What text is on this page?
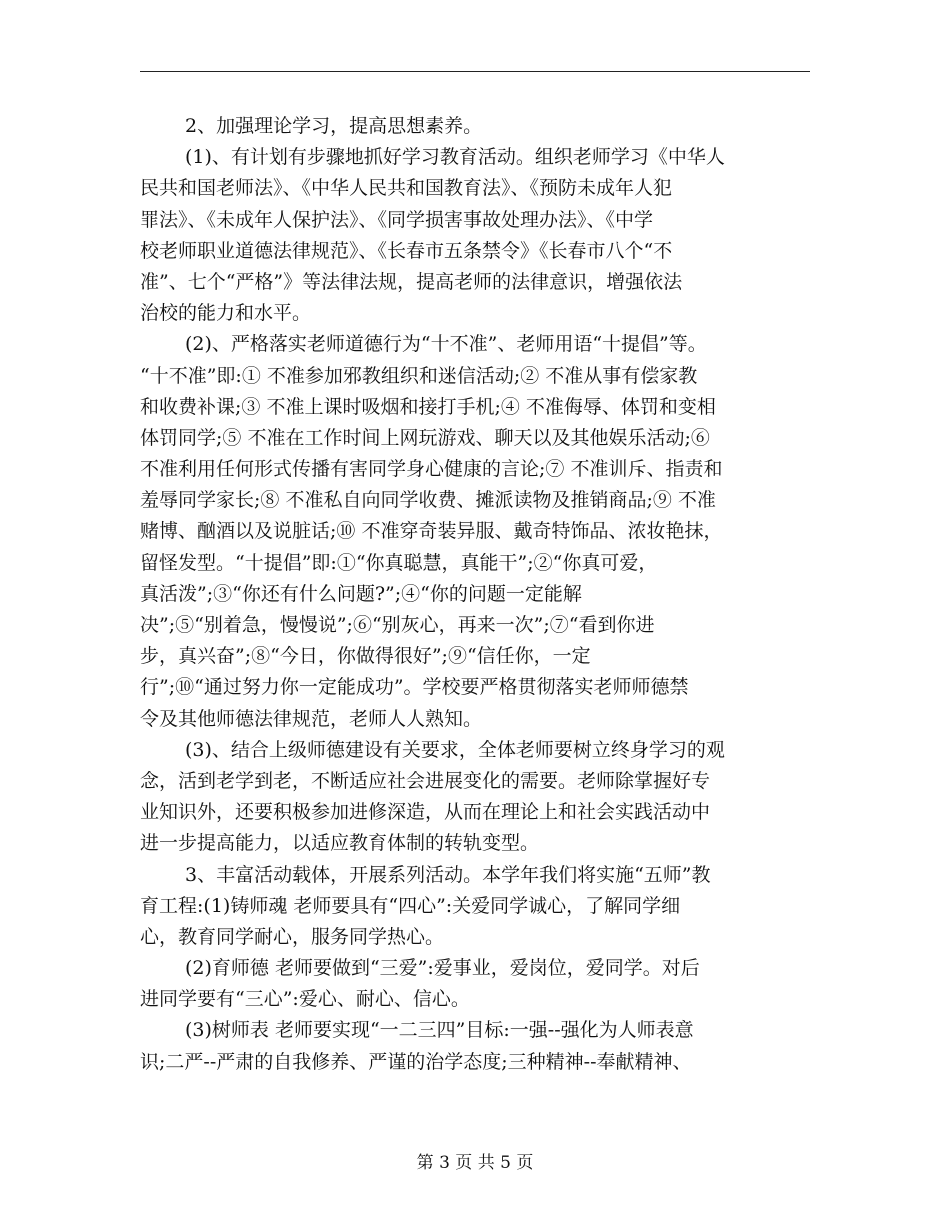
2、加强理论学习，提高思想素养。
(1)、有计划有步骤地抓好学习教育活动。组织老师学习《中华人
民共和国老师法》、《中华人民共和国教育法》、《预防未成年人犯
罪法》、《未成年人保护法》、《同学损害事故处理办法》、《中学
校老师职业道德法律规范》、《长春市五条禁令》《长春市八个“不
准”、七个“严格”》等法律法规，提高老师的法律意识，增强依法
治校的能力和水平。
(2)、严格落实老师道德行为“十不准”、老师用语“十提倡”等。
“十不准”即:① 不准参加邪教组织和迷信活动;② 不准从事有偿家教
和收费补课;③ 不准上课时吸烟和接打手机;④ 不准侮辱、体罚和变相
体罚同学;⑤ 不准在工作时间上网玩游戏、聊天以及其他娱乐活动;⑥
不准利用任何形式传播有害同学身心健康的言论;⑦ 不准训斥、指责和
羞辱同学家长;⑧ 不准私自向同学收费、摊派读物及推销商品;⑨ 不准
赌博、酗酒以及说脏话;⑩ 不准穿奇装异服、戴奇特饰品、浓妆艳抹，
留怪发型。“十提倡”即:①“你真聪慧，真能干”;②“你真可爱，
真活泼”;③“你还有什么问题?”;④“你的问题一定能解
决”;⑤“别着急，慢慢说”;⑥“别灰心，再来一次”;⑦“看到你进
步，真兴奋”;⑧“今日，你做得很好”;⑨“信任你，一定
行”;⑩“通过努力你一定能成功”。学校要严格贯彻落实老师师德禁
令及其他师德法律规范，老师人人熟知。
(3)、结合上级师德建设有关要求，全体老师要树立终身学习的观
念，活到老学到老，不断适应社会进展变化的需要。老师除掌握好专
业知识外，还要积极参加进修深造，从而在理论上和社会实践活动中
进一步提高能力，以适应教育体制的转轨变型。
3、丰富活动载体，开展系列活动。本学年我们将实施“五师”教
育工程:(1)铸师魂 老师要具有“四心”:关爱同学诚心，了解同学细
心，教育同学耐心，服务同学热心。
(2)育师德 老师要做到“三爱”:爱事业，爱岗位，爱同学。对后
进同学要有“三心”:爱心、耐心、信心。
(3)树师表 老师要实现“一二三四”目标:一强--强化为人师表意
识;二严--严肃的自我修养、严谨的治学态度;三种精神--奉献精神、
第 3 页 共 5 页
